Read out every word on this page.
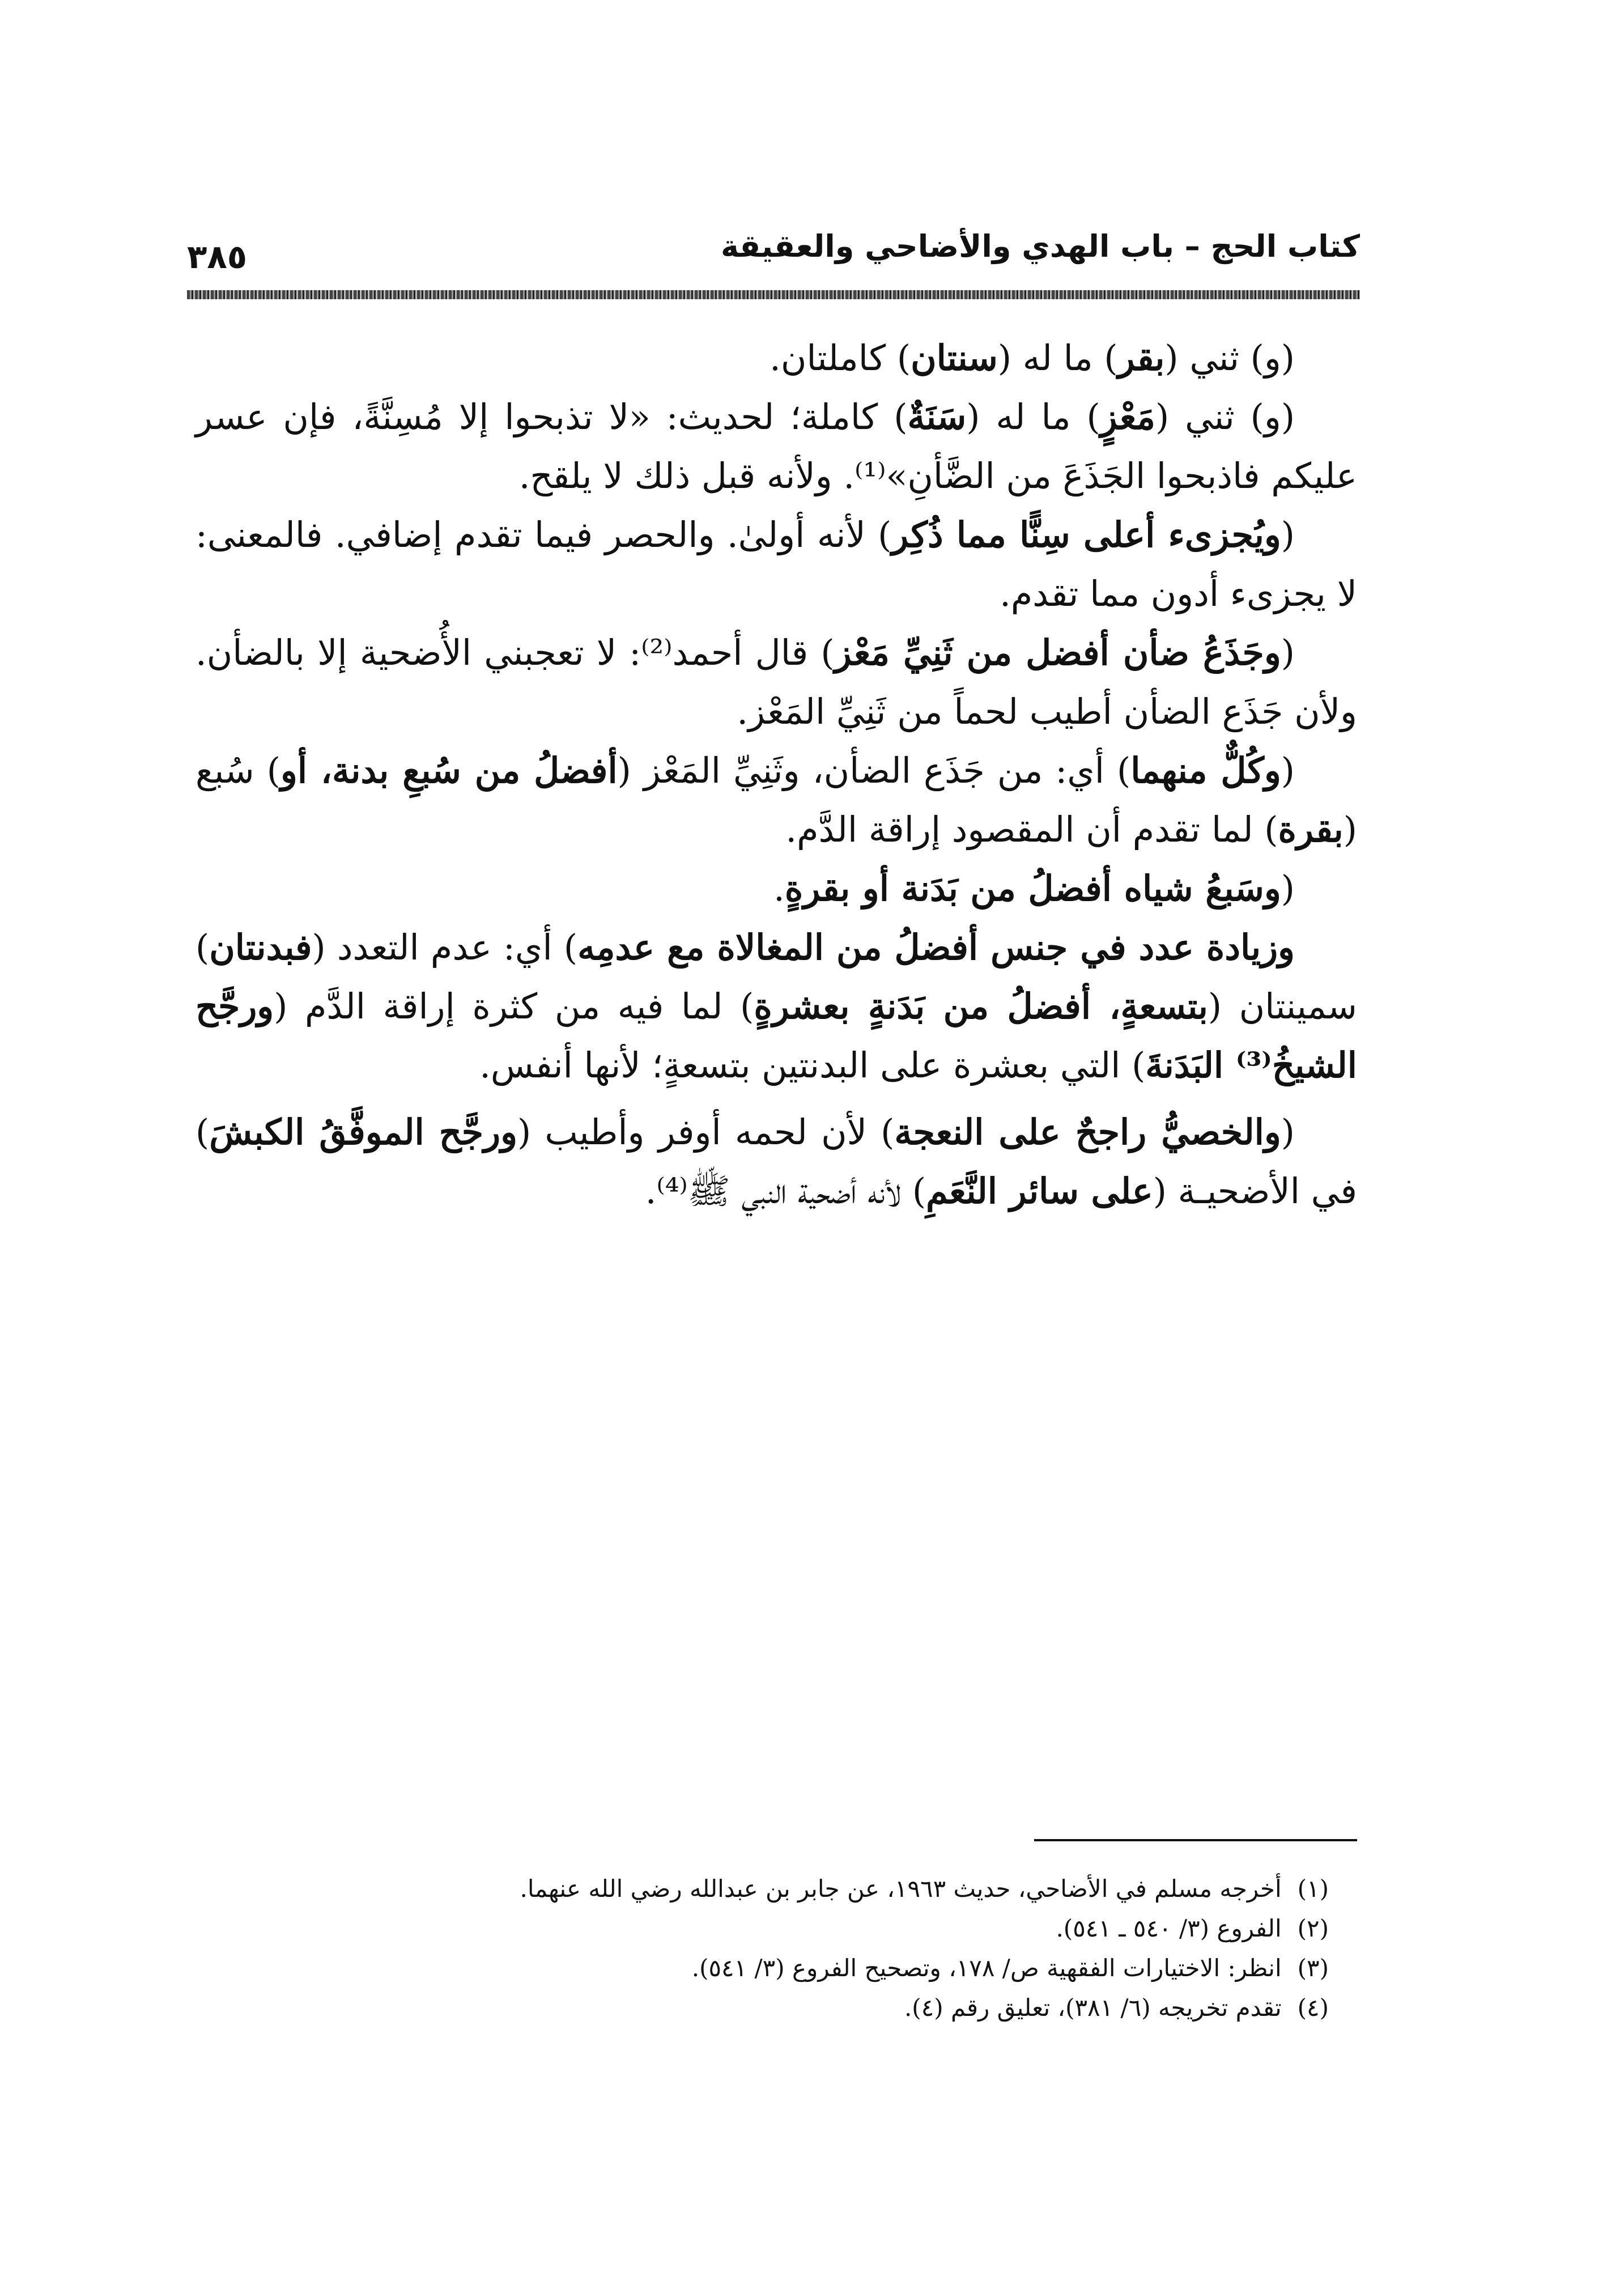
كتاب الحج – باب الهدي والأضاحي والعقيقة
٣٨٥

(و) ثني (بقر) ما له (سنتان) كاملتان.

(و) ثني (مَعْزٍ) ما له (سَنَةٌ) كاملة؛ لحديث: «لا تذبحوا إلا مُسِنَّةً، فإن عسر عليكم فاذبحوا الجَذَعَ من الضَّأنِ»⁽¹⁾. ولأنه قبل ذلك لا يلقح.

(ويُجزىء أعلى سِنًّا مما ذُكِر) لأنه أولىٰ. والحصر فيما تقدم إضافي. فالمعنى: لا يجزىء أدون مما تقدم.

(وجَذَعُ ضأن أفضل من ثَنِيِّ مَعْز) قال أحمد⁽²⁾: لا تعجبني الأُضحية إلا بالضأن. ولأن جَذَع الضأن أطيب لحماً من ثَنِيِّ المَعْز.

(وكُلٌّ منهما) أي: من جَذَع الضأن، وثَنِيِّ المَعْز (أفضلُ من سُبعِ بدنة، أو) سُبع (بقرة) لما تقدم أن المقصود إراقة الدَّم.

(وسَبعُ شياه أفضلُ من بَدَنة أو بقرةٍ.

وزيادة عدد في جنس أفضلُ من المغالاة مع عدمِه) أي: عدم التعدد (فبدنتان) سمينتان (بتسعةٍ، أفضلُ من بَدَنةٍ بعشرةٍ) لما فيه من كثرة إراقة الدَّم (ورجَّح الشيخُ⁽³⁾ البَدَنةَ) التي بعشرة على البدنتين بتسعةٍ؛ لأنها أنفس.

(والخصيُّ راجحٌ على النعجة) لأن لحمه أوفر وأطيب (ورجَّح الموفَّقُ الكبشَ) في الأضحيـة (على سائر النَّعَمِ) لأنه أضحية النبي ﷺ⁽⁴⁾.

(١) أخرجه مسلم في الأضاحي، حديث ١٩٦٣، عن جابر بن عبدالله رضي الله عنهما.

(٢) الفروع (٣/ ٥٤٠ ـ ٥٤١).

(٣) انظر: الاختيارات الفقهية ص/ ١٧٨، وتصحيح الفروع (٣/ ٥٤١).

(٤) تقدم تخريجه (٦/ ٣٨١)، تعليق رقم (٤).
